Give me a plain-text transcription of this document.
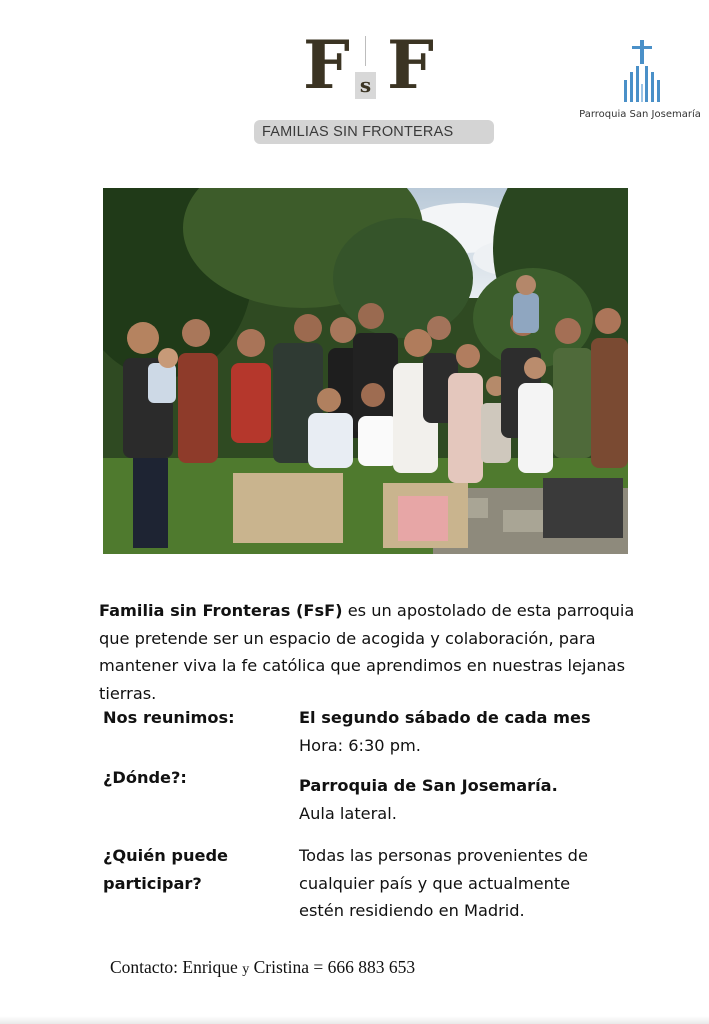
F s F
FAMILIAS SIN FRONTERAS
Parroquia San Josemaría

Familia sin Fronteras (FsF) es un apostolado de esta parroquia que pretende ser un espacio de acogida y colaboración, para mantener viva la fe católica que aprendimos en nuestras lejanas tierras.

Nos reunimos:	El segundo sábado de cada mes
Hora: 6:30 pm.
¿Dónde?:	Parroquia de San Josemaría.
Aula lateral.
¿Quién puede participar?
Todas las personas provenientes de cualquier país y que actualmente estén residiendo en Madrid.
Contacto: Enrique y Cristina = 666 883 653
